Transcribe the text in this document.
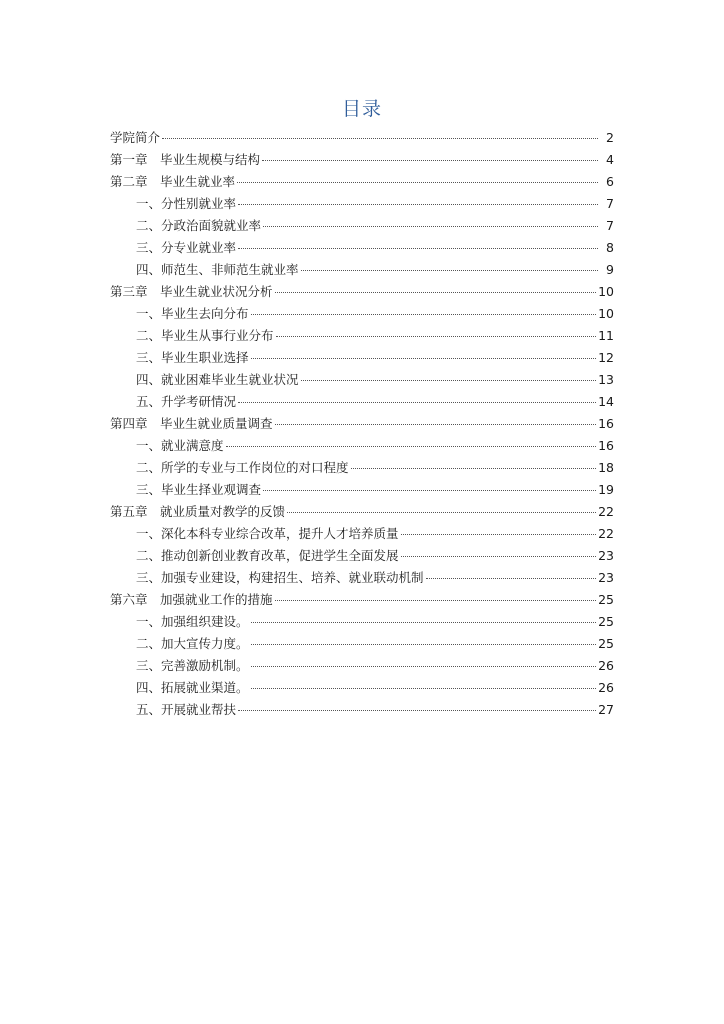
目录
学院简介	2
第一章　毕业生规模与结构	4
第二章　毕业生就业率	6
一、分性别就业率	7
二、分政治面貌就业率	7
三、分专业就业率	8
四、师范生、非师范生就业率	9
第三章　毕业生就业状况分析	10
一、毕业生去向分布	10
二、毕业生从事行业分布	11
三、毕业生职业选择	12
四、就业困难毕业生就业状况	13
五、升学考研情况	14
第四章　毕业生就业质量调查	16
一、就业满意度	16
二、所学的专业与工作岗位的对口程度	18
三、毕业生择业观调查	19
第五章　就业质量对教学的反馈	22
一、深化本科专业综合改革，提升人才培养质量	22
二、推动创新创业教育改革，促进学生全面发展	23
三、加强专业建设，构建招生、培养、就业联动机制	23
第六章　加强就业工作的措施	25
一、加强组织建设。	25
二、加大宣传力度。	25
三、完善激励机制。	26
四、拓展就业渠道。	26
五、开展就业帮扶	27
